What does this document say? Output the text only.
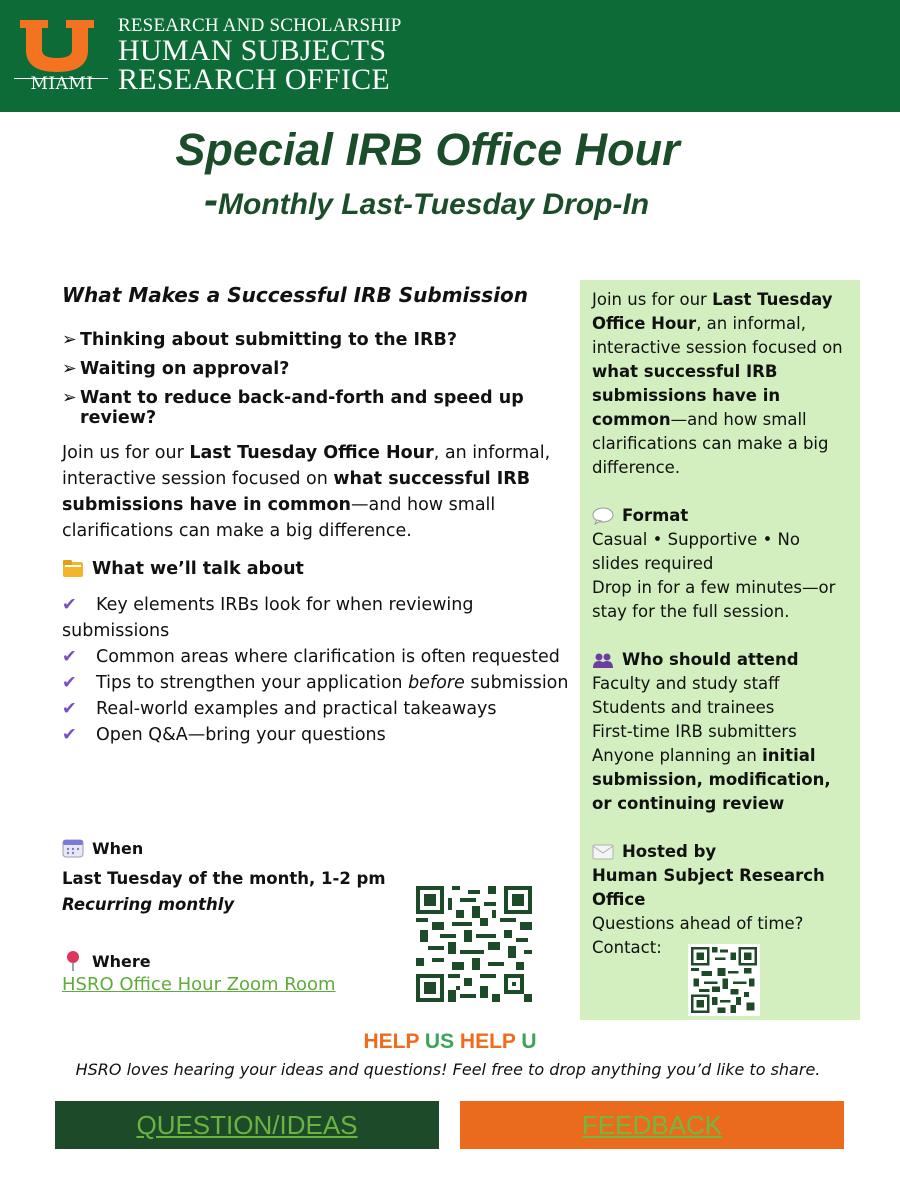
MIAMI
RESEARCH AND SCHOLARSHIP
HUMAN SUBJECTS
RESEARCH OFFICE
Special IRB Office Hour
-Monthly Last-Tuesday Drop-In
What Makes a Successful IRB Submission
➢ Thinking about submitting to the IRB?
➢ Waiting on approval?
➢ Want to reduce back-and-forth and speed up review?

Join us for our Last Tuesday Office Hour, an informal, interactive session focused on what successful IRB submissions have in common—and how small clarifications can make a big difference.

What we’ll talk about
✔ Key elements IRBs look for when reviewing submissions
✔ Common areas where clarification is often requested
✔ Tips to strengthen your application before submission
✔ Real-world examples and practical takeaways
✔ Open Q&A—bring your questions
When
Last Tuesday of the month, 1-2 pm
Recurring monthly
Where
HSRO Office Hour Zoom Room

Join us for our Last Tuesday Office Hour, an informal, interactive session focused on what successful IRB submissions have in common—and how small clarifications can make a big difference.

Format

Casual • Supportive • No slides required

Drop in for a few minutes—or stay for the full session.

Who should attend

Faculty and study staff

Students and trainees

First-time IRB submitters

Anyone planning an initial submission, modification, or continuing review

Hosted by

Human Subject Research Office

Questions ahead of time?

Contact:

HELP US HELP U
HSRO loves hearing your ideas and questions! Feel free to drop anything you’d like to share.
QUESTION/IDEAS	FEEDBACK
